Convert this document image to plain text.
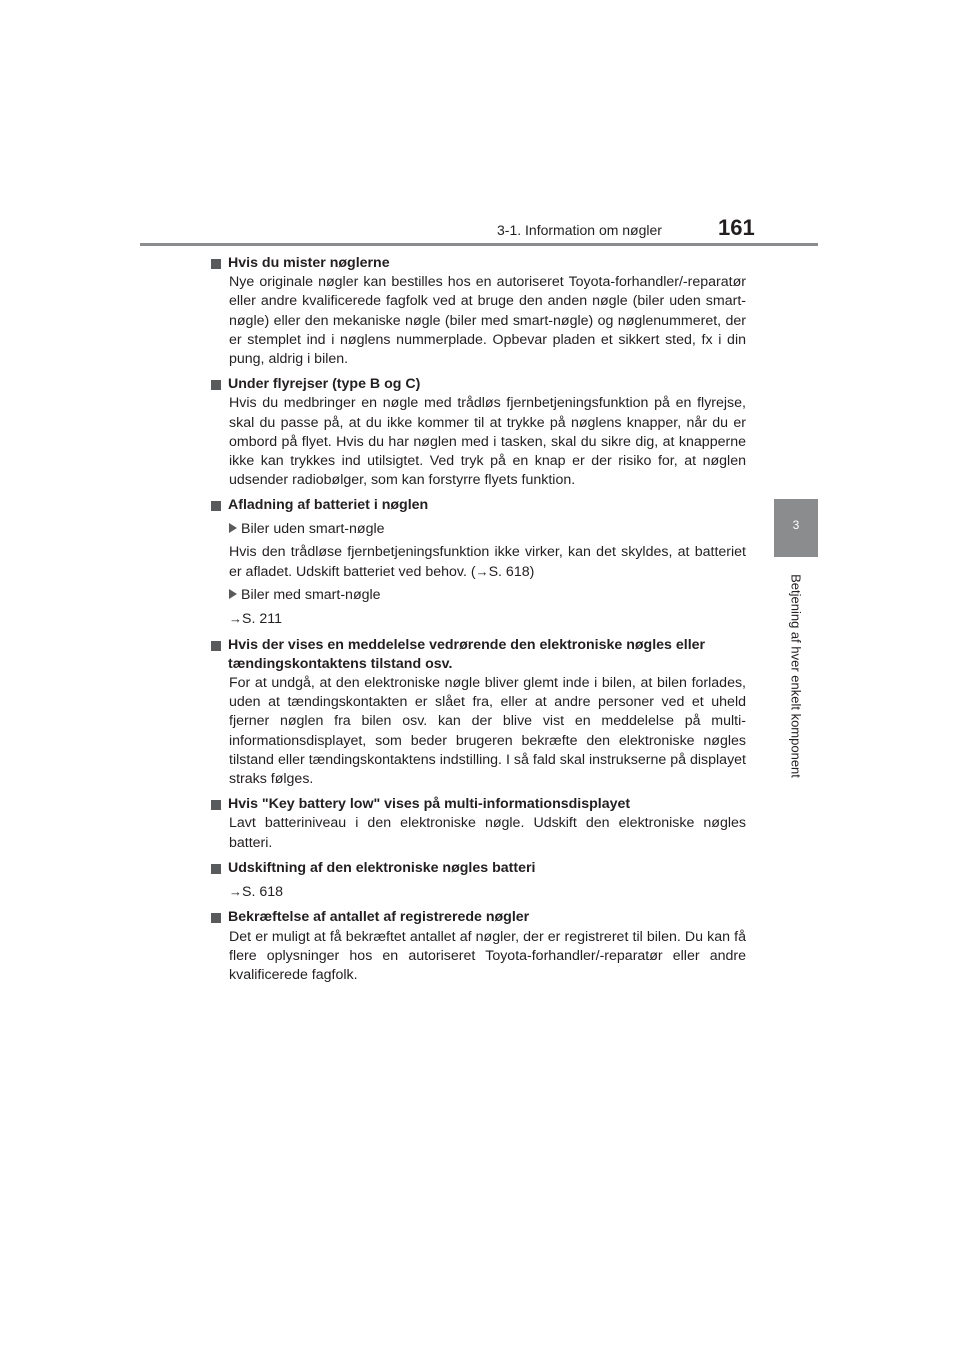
3-1. Information om nøgler	161
3
Betjening af hver enkelt komponent
Hvis du mister nøglerne
Nye originale nøgler kan bestilles hos en autoriseret Toyota-forhandler/-reparatør eller andre kvalificerede fagfolk ved at bruge den anden nøgle (biler uden smart-nøgle) eller den mekaniske nøgle (biler med smart-nøgle) og nøglenummeret, der er stemplet ind i nøglens nummerplade. Opbevar pladen et sikkert sted, fx i din pung, aldrig i bilen.
Under flyrejser (type B og C)
Hvis du medbringer en nøgle med trådløs fjernbetjeningsfunktion på en flyrejse, skal du passe på, at du ikke kommer til at trykke på nøglens knapper, når du er ombord på flyet. Hvis du har nøglen med i tasken, skal du sikre dig, at knapperne ikke kan trykkes ind utilsigtet. Ved tryk på en knap er der risiko for, at nøglen udsender radiobølger, som kan forstyrre flyets funktion.
Afladning af batteriet i nøglen
Biler uden smart-nøgle
Hvis den trådløse fjernbetjeningsfunktion ikke virker, kan det skyldes, at batteriet er afladet. Udskift batteriet ved behov. (→S. 618)
Biler med smart-nøgle
→S. 211
Hvis der vises en meddelelse vedrørende den elektroniske nøgles eller tændingskontaktens tilstand osv.
For at undgå, at den elektroniske nøgle bliver glemt inde i bilen, at bilen forlades, uden at tændingskontakten er slået fra, eller at andre personer ved et uheld fjerner nøglen fra bilen osv. kan der blive vist en meddelelse på multi-informationsdisplayet, som beder brugeren bekræfte den elektroniske nøgles tilstand eller tændingskontaktens indstilling. I så fald skal instrukserne på displayet straks følges.
Hvis "Key battery low" vises på multi-informationsdisplayet
Lavt batteriniveau i den elektroniske nøgle. Udskift den elektroniske nøgles batteri.
Udskiftning af den elektroniske nøgles batteri
→S. 618
Bekræftelse af antallet af registrerede nøgler
Det er muligt at få bekræftet antallet af nøgler, der er registreret til bilen. Du kan få flere oplysninger hos en autoriseret Toyota-forhandler/-reparatør eller andre kvalificerede fagfolk.
